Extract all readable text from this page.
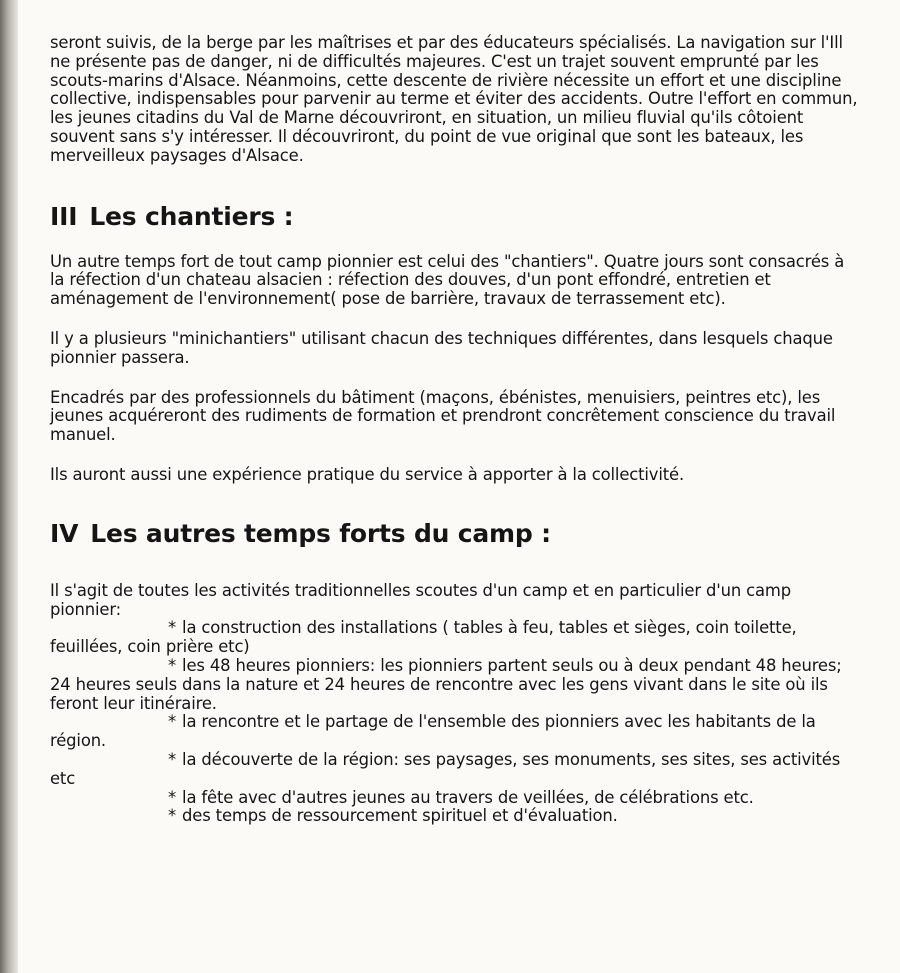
seront suivis, de la berge par les maîtrises et par des éducateurs spécialisés. La navigation sur l'Ill ne présente pas de danger, ni de difficultés majeures. C'est un trajet souvent emprunté par les scouts-marins d'Alsace. Néanmoins, cette descente de rivière nécessite un effort et une discipline collective, indispensables pour parvenir au terme et éviter des accidents. Outre l'effort en commun, les jeunes citadins du Val de Marne découvriront, en situation, un milieu fluvial qu'ils côtoient souvent sans s'y intéresser. Il découvriront, du point de vue original que sont les bateaux, les merveilleux paysages d'Alsace.

III Les chantiers :

Un autre temps fort de tout camp pionnier est celui des "chantiers". Quatre jours sont consacrés à la réfection d'un chateau alsacien : réfection des douves, d'un pont effondré, entretien et aménagement de l'environnement( pose de barrière, travaux de terrassement etc).

Il y a plusieurs "minichantiers" utilisant chacun des techniques différentes, dans lesquels chaque pionnier passera.

Encadrés par des professionnels du bâtiment (maçons, ébénistes, menuisiers, peintres etc), les jeunes acquéreront des rudiments de formation et prendront concrêtement conscience du travail manuel.

Ils auront aussi une expérience pratique du service à apporter à la collectivité.

IV Les autres temps forts du camp :

Il s'agit de toutes les activités traditionnelles scoutes d'un camp et en particulier d'un camp pionnier:

* la construction des installations ( tables à feu, tables et sièges, coin toilette, feuillées, coin prière etc)

* les 48 heures pionniers: les pionniers partent seuls ou à deux pendant 48 heures; 24 heures seuls dans la nature et 24 heures de rencontre avec les gens vivant dans le site où ils feront leur itinéraire.

* la rencontre et le partage de l'ensemble des pionniers avec les habitants de la région.

* la découverte de la région: ses paysages, ses monuments, ses sites, ses activités etc

* la fête avec d'autres jeunes au travers de veillées, de célébrations etc.

* des temps de ressourcement spirituel et d'évaluation.
